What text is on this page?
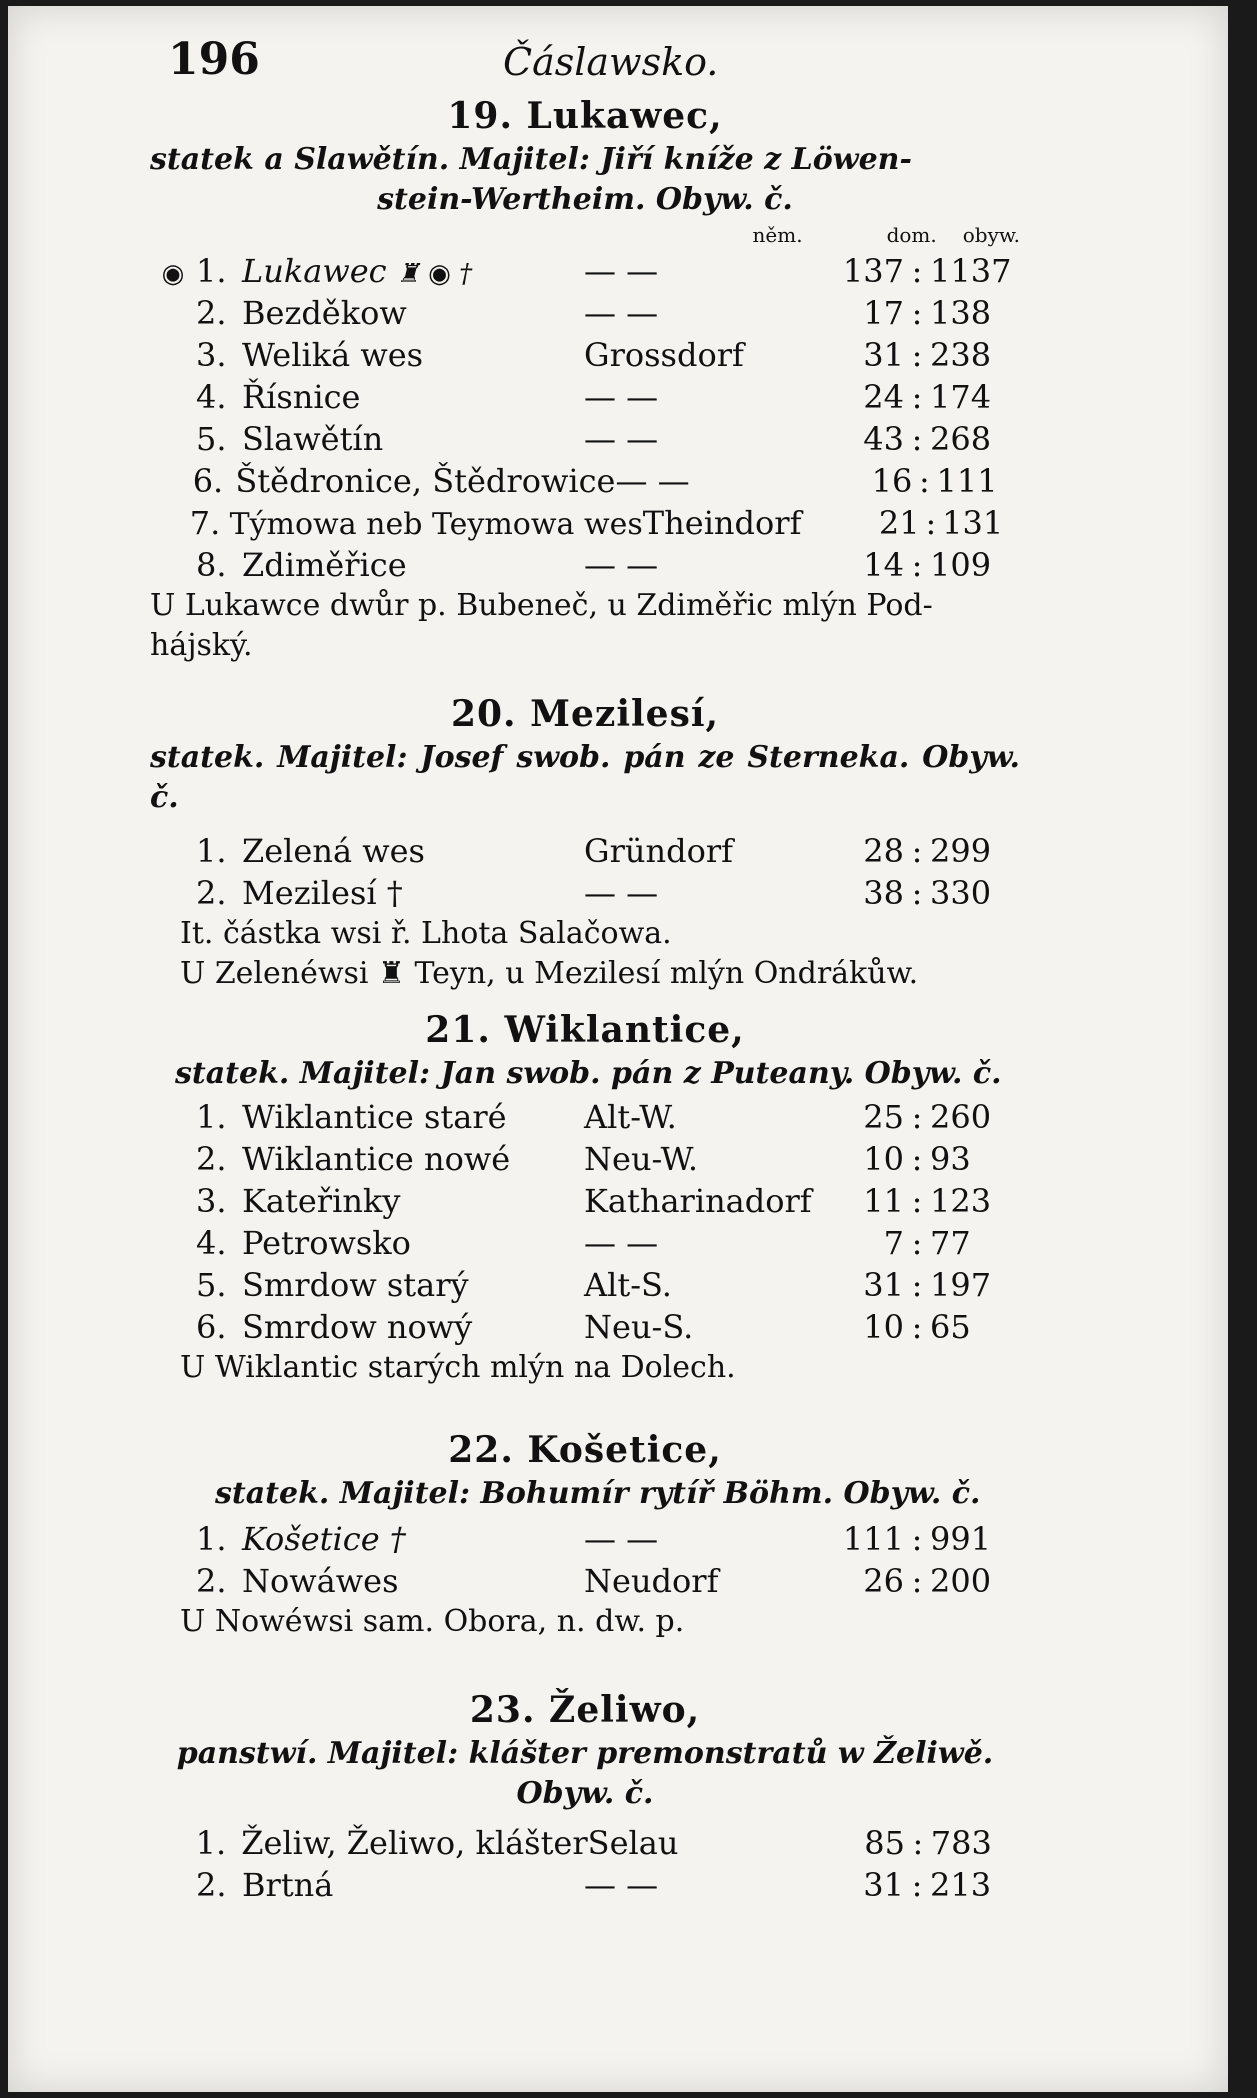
196	Čáslawsko.
19. Lukawec,
statek a Slawětín. Majitel: Jiří kníže z Löwen-
stein-Wertheim. Obyw. č.
něm.	dom. obyw.
◉ 1. Lukawec ♜ ◉ †	— —	137 : 1137
2. Bezděkow	— —	17 : 138
3. Weliká wes	Grossdorf	31 : 238
4. Řísnice	— —	24 : 174
5. Slawětín	— —	43 : 268
6. Štědronice, Štědrowice — —	16 : 111
7. Týmowa neb Teymowa wes Theindorf	21 : 131
8. Zdiměřice	— —	14 : 109
U Lukawce dwůr p. Bubeneč, u Zdiměřic mlýn Pod-
hájský.
20. Mezilesí,
statek. Majitel: Josef swob. pán ze Sterneka. Obyw. č.
1. Zelená wes	Gründorf	28 : 299
2. Mezilesí †	— —	38 : 330
It. částka wsi ř. Lhota Salačowa.
U Zelenéwsi ♜ Teyn, u Mezilesí mlýn Ondrákůw.
21. Wiklantice,
statek. Majitel: Jan swob. pán z Puteany. Obyw. č.
1. Wiklantice staré	Alt-W.	25 : 260
2. Wiklantice nowé	Neu-W.	10 : 93
3. Kateřinky	Katharinadorf	11 : 123
4. Petrowsko	— —	7 : 77
5. Smrdow starý	Alt-S.	31 : 197
6. Smrdow nowý	Neu-S.	10 : 65
U Wiklantic starých mlýn na Dolech.
22. Košetice,
statek. Majitel: Bohumír rytíř Böhm. Obyw. č.
1. Košetice †	— —	111 : 991
2. Nowáwes	Neudorf	26 : 200
U Nowéwsi sam. Obora, n. dw. p.
23. Želiwo,
panstwí. Majitel: klášter premonstratů w Želiwě.
Obyw. č.
1. Želiw, Želiwo, klášter Selau	85 : 783
2. Brtná	— —	31 : 213
